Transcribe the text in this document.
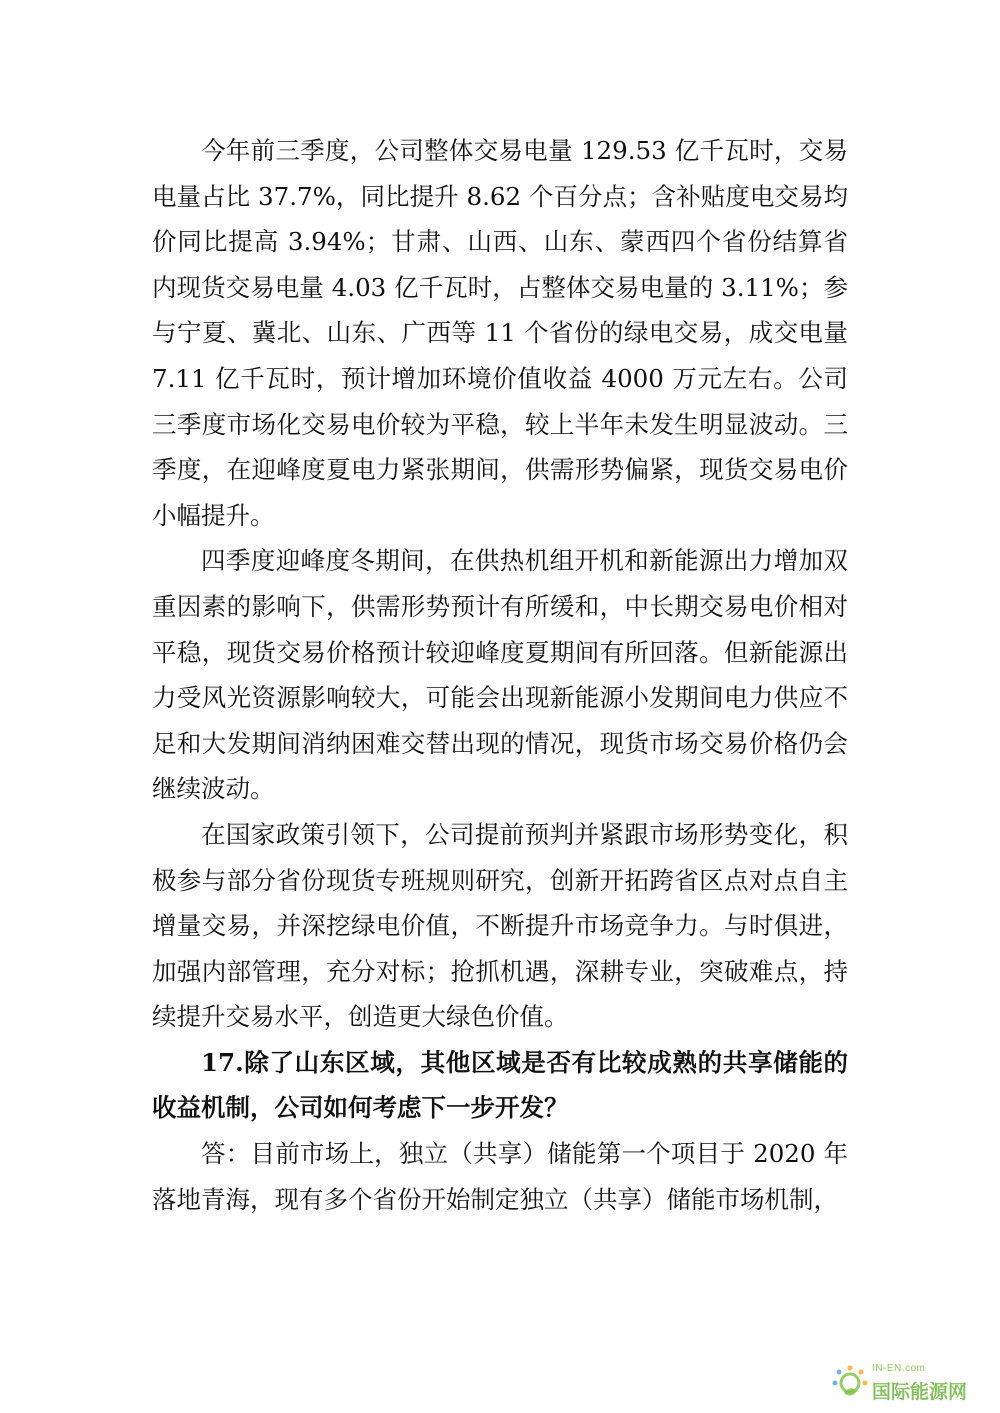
今年前三季度，公司整体交易电量 129.53 亿千瓦时，交易电量占比 37.7%，同比提升 8.62 个百分点；含补贴度电交易均价同比提高 3.94%；甘肃、山西、山东、蒙西四个省份结算省内现货交易电量 4.03 亿千瓦时，占整体交易电量的 3.11%；参与宁夏、冀北、山东、广西等 11 个省份的绿电交易，成交电量 7.11 亿千瓦时，预计增加环境价值收益 4000 万元左右。公司三季度市场化交易电价较为平稳，较上半年未发生明显波动。三季度，在迎峰度夏电力紧张期间，供需形势偏紧，现货交易电价小幅提升。

四季度迎峰度冬期间，在供热机组开机和新能源出力增加双重因素的影响下，供需形势预计有所缓和，中长期交易电价相对平稳，现货交易价格预计较迎峰度夏期间有所回落。但新能源出力受风光资源影响较大，可能会出现新能源小发期间电力供应不足和大发期间消纳困难交替出现的情况，现货市场交易价格仍会继续波动。

在国家政策引领下，公司提前预判并紧跟市场形势变化，积极参与部分省份现货专班规则研究，创新开拓跨省区点对点自主增量交易，并深挖绿电价值，不断提升市场竞争力。与时俱进，加强内部管理，充分对标；抢抓机遇，深耕专业，突破难点，持续提升交易水平，创造更大绿色价值。

17.除了山东区域，其他区域是否有比较成熟的共享储能的收益机制，公司如何考虑下一步开发？

答：目前市场上，独立（共享）储能第一个项目于 2020 年落地青海，现有多个省份开始制定独立（共享）储能市场机制，

IN-EN.com
国际能源网
